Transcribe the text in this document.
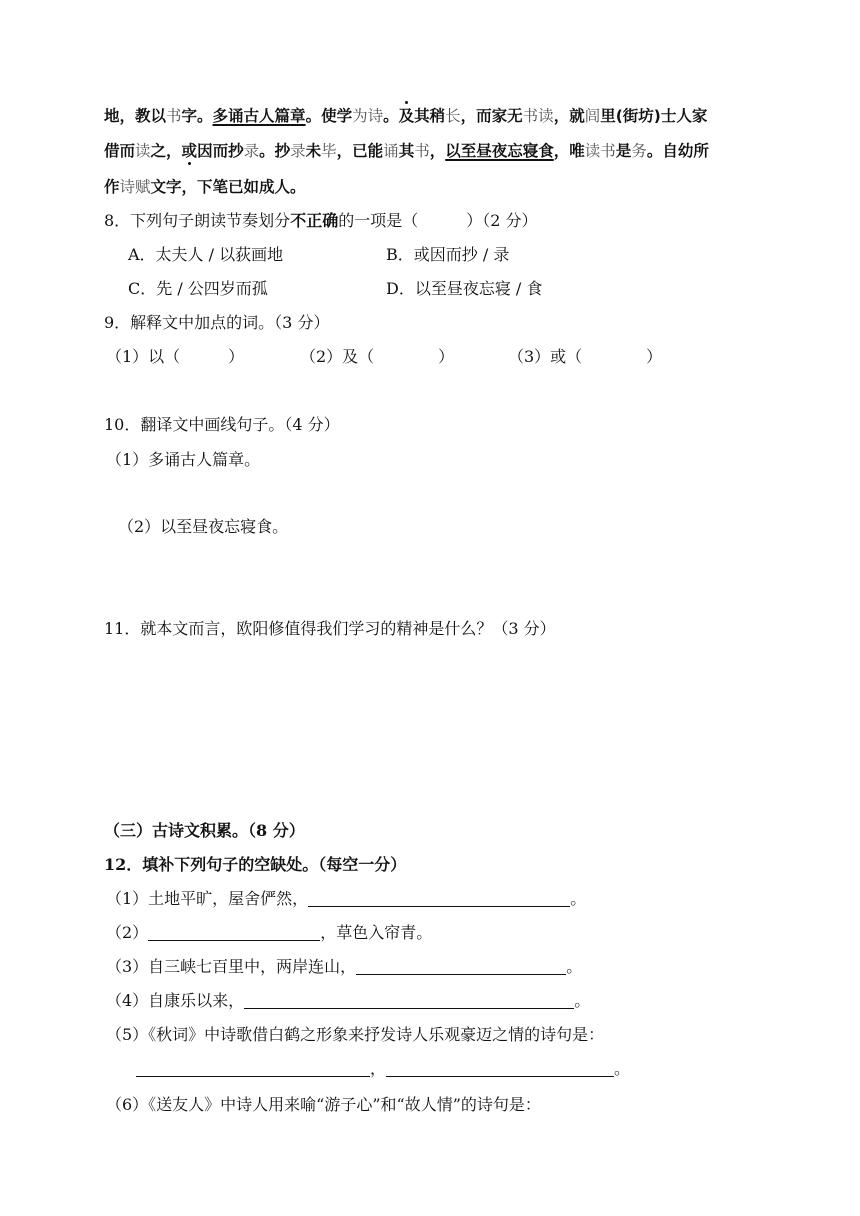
地，教以书字。多诵古人篇章。使学为诗。及其稍长，而家无书读，就闾里(街坊)士人家
借而读之，或因而抄录。抄录未毕，已能诵其书，以至昼夜忘寝食，唯读书是务。自幼所
作诗赋文字，下笔已如成人。
8．下列句子朗读节奏划分不正确的一项是（　　　）（2 分）
A．太夫人 / 以荻画地	B．或因而抄 / 录
C．先 / 公四岁而孤	D．以至昼夜忘寝 / 食
9．解释文中加点的词。（3 分）
（1）以（　　　）	（2）及（　　　　）	（3）或（　　　　）
10．翻译文中画线句子。（4 分）
（1）多诵古人篇章。
（2）以至昼夜忘寝食。
11．就本文而言，欧阳修值得我们学习的精神是什么？（3 分）
（三）古诗文积累。（8 分）
12．填补下列句子的空缺处。（每空一分）
（1）土地平旷，屋舍俨然，	。
（2）	，草色入帘青。
（3）自三峡七百里中，两岸连山，	。
（4）自康乐以来，	。
（5）《秋词》中诗歌借白鹤之形象来抒发诗人乐观豪迈之情的诗句是：
，	。
（6）《送友人》中诗人用来喻“游子心”和“故人情”的诗句是：
